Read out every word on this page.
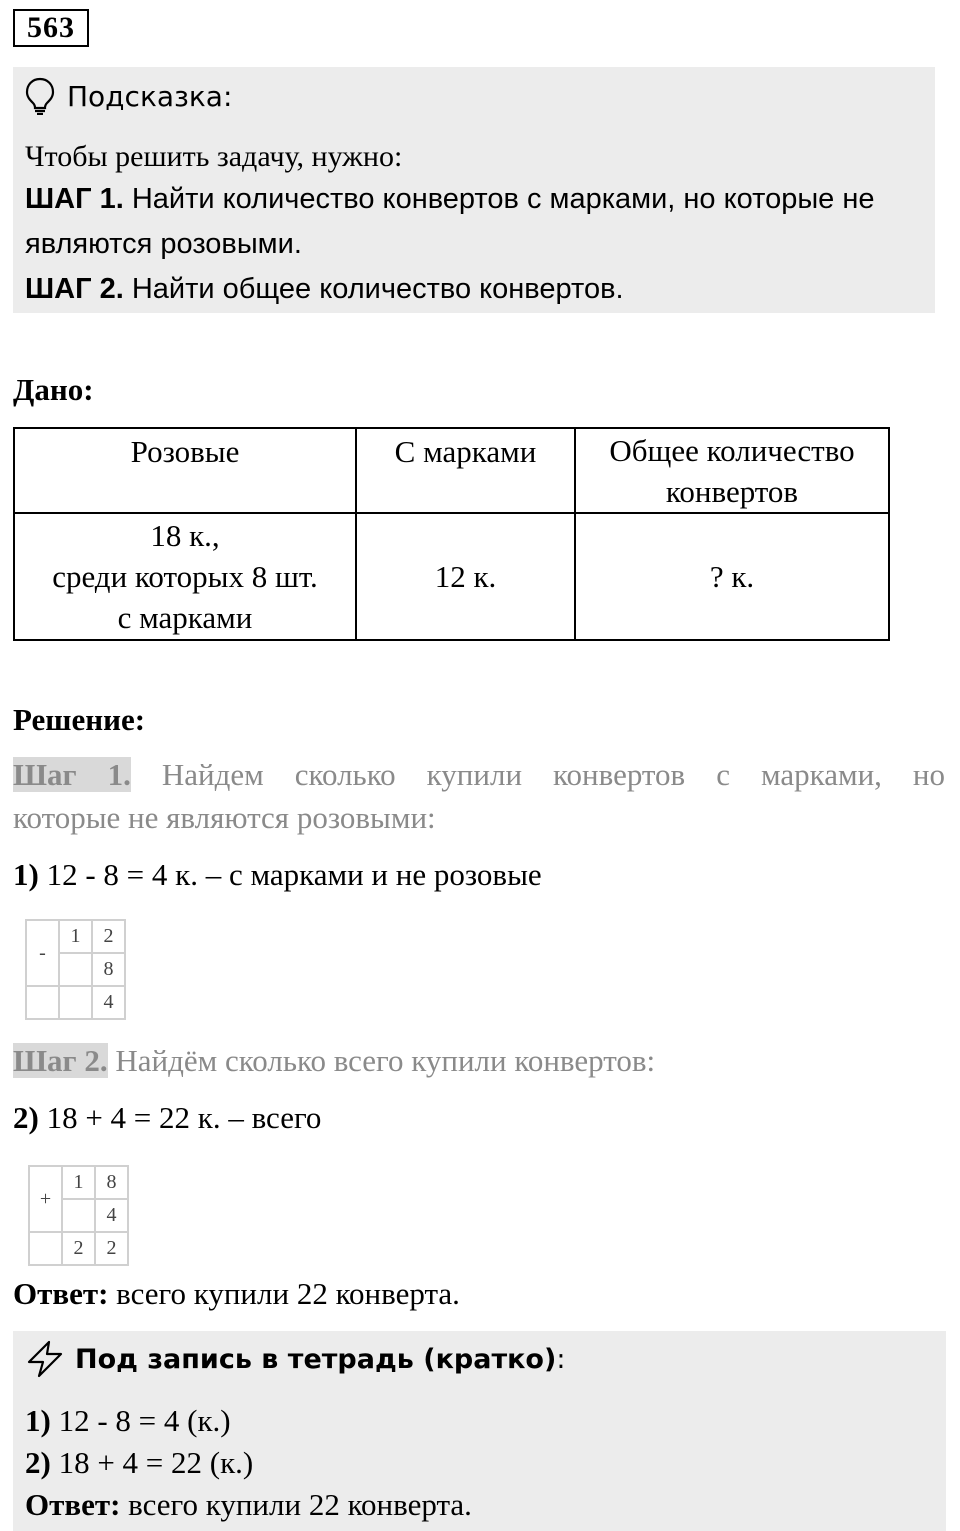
563
Подсказка:
Чтобы решить задачу, нужно:
ШАГ 1. Найти количество конвертов с марками, но которые не
являются розовыми.
ШАГ 2. Найти общее количество конвертов.
Дано:
Розовые	С марками	Общее количество
конвертов

18 к.,
среди которых 8 шт.
с марками	12 к.	? к.
Решение:
Шаг 1. Найдем сколько купили конвертов с марками, но
которые не являются розовыми:
1) 12 - 8 = 4 к. – с марками и не розовые
-	1	2
		8
		4
Шаг 2. Найдём сколько всего купили конвертов:
2) 18 + 4 = 22 к. – всего
+	1	8
		4
	2	2
Ответ: всего купили 22 конверта.
Под запись в тетрадь (кратко) :
1) 12 - 8 = 4 (к.)
2) 18 + 4 = 22 (к.)
Ответ: всего купили 22 конверта.
